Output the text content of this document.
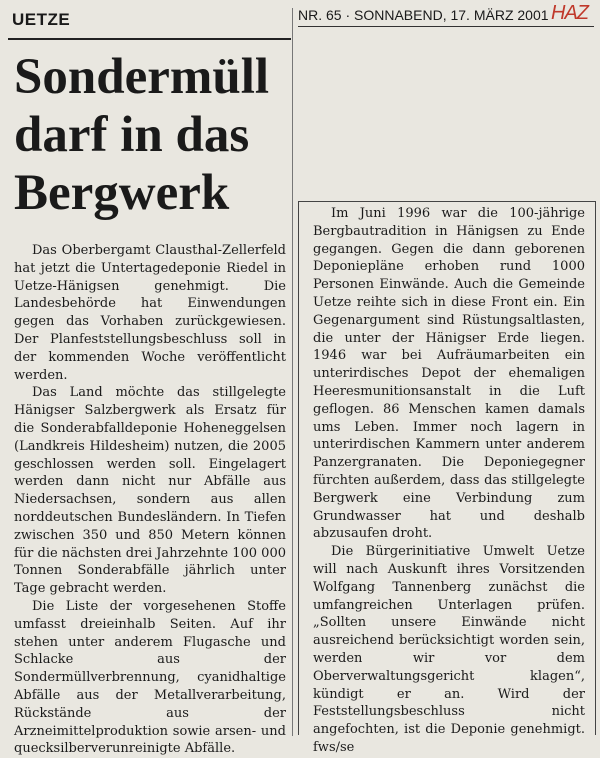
UETZE	NR. 65 · SONNABEND, 17. MÄRZ 2001 HAZ
Sondermüll
darf in das
Bergwerk

Das Oberbergamt Clausthal-Zellerfeld hat jetzt die Untertagedeponie Riedel in Uetze-Hänigsen genehmigt. Die Landesbehörde hat Einwendungen gegen das Vorhaben zurückgewiesen. Der Planfeststellungsbeschluss soll in der kommenden Woche veröffentlicht werden.

Das Land möchte das stillgelegte Hänigser Salzbergwerk als Ersatz für die Sonderabfalldeponie Hoheneggelsen (Landkreis Hildesheim) nutzen, die 2005 geschlossen werden soll. Eingelagert werden dann nicht nur Abfälle aus Niedersachsen, sondern aus allen norddeutschen Bundesländern. In Tiefen zwischen 350 und 850 Metern können für die nächsten drei Jahrzehnte 100 000 Tonnen Sonderabfälle jährlich unter Tage gebracht werden.

Die Liste der vorgesehenen Stoffe umfasst dreieinhalb Seiten. Auf ihr stehen unter anderem Flugasche und Schlacke aus der Sondermüllverbrennung, cyanidhaltige Abfälle aus der Metallverarbeitung, Rückstände aus der Arzneimittelproduktion sowie arsen- und quecksilberverunreinigte Abfälle.

Im Juni 1996 war die 100-jährige Bergbautradition in Hänigsen zu Ende gegangen. Gegen die dann geborenen Deponiepläne erhoben rund 1000 Personen Einwände. Auch die Gemeinde Uetze reihte sich in diese Front ein. Ein Gegenargument sind Rüstungsaltlasten, die unter der Hänigser Erde liegen. 1946 war bei Aufräumarbeiten ein unterirdisches Depot der ehemaligen Heeresmunitionsanstalt in die Luft geflogen. 86 Menschen kamen damals ums Leben. Immer noch lagern in unterirdischen Kammern unter anderem Panzergranaten. Die Deponiegegner fürchten außerdem, dass das stillgelegte Bergwerk eine Verbindung zum Grundwasser hat und deshalb abzusaufen droht.

Die Bürgerinitiative Umwelt Uetze will nach Auskunft ihres Vorsitzenden Wolfgang Tannenberg zunächst die umfangreichen Unterlagen prüfen. „Sollten unsere Einwände nicht ausreichend berücksichtigt worden sein, werden wir vor dem Oberverwaltungsgericht klagen“, kündigt er an. Wird der Feststellungsbeschluss nicht angefochten, ist die Deponie genehmigt. fws/se
